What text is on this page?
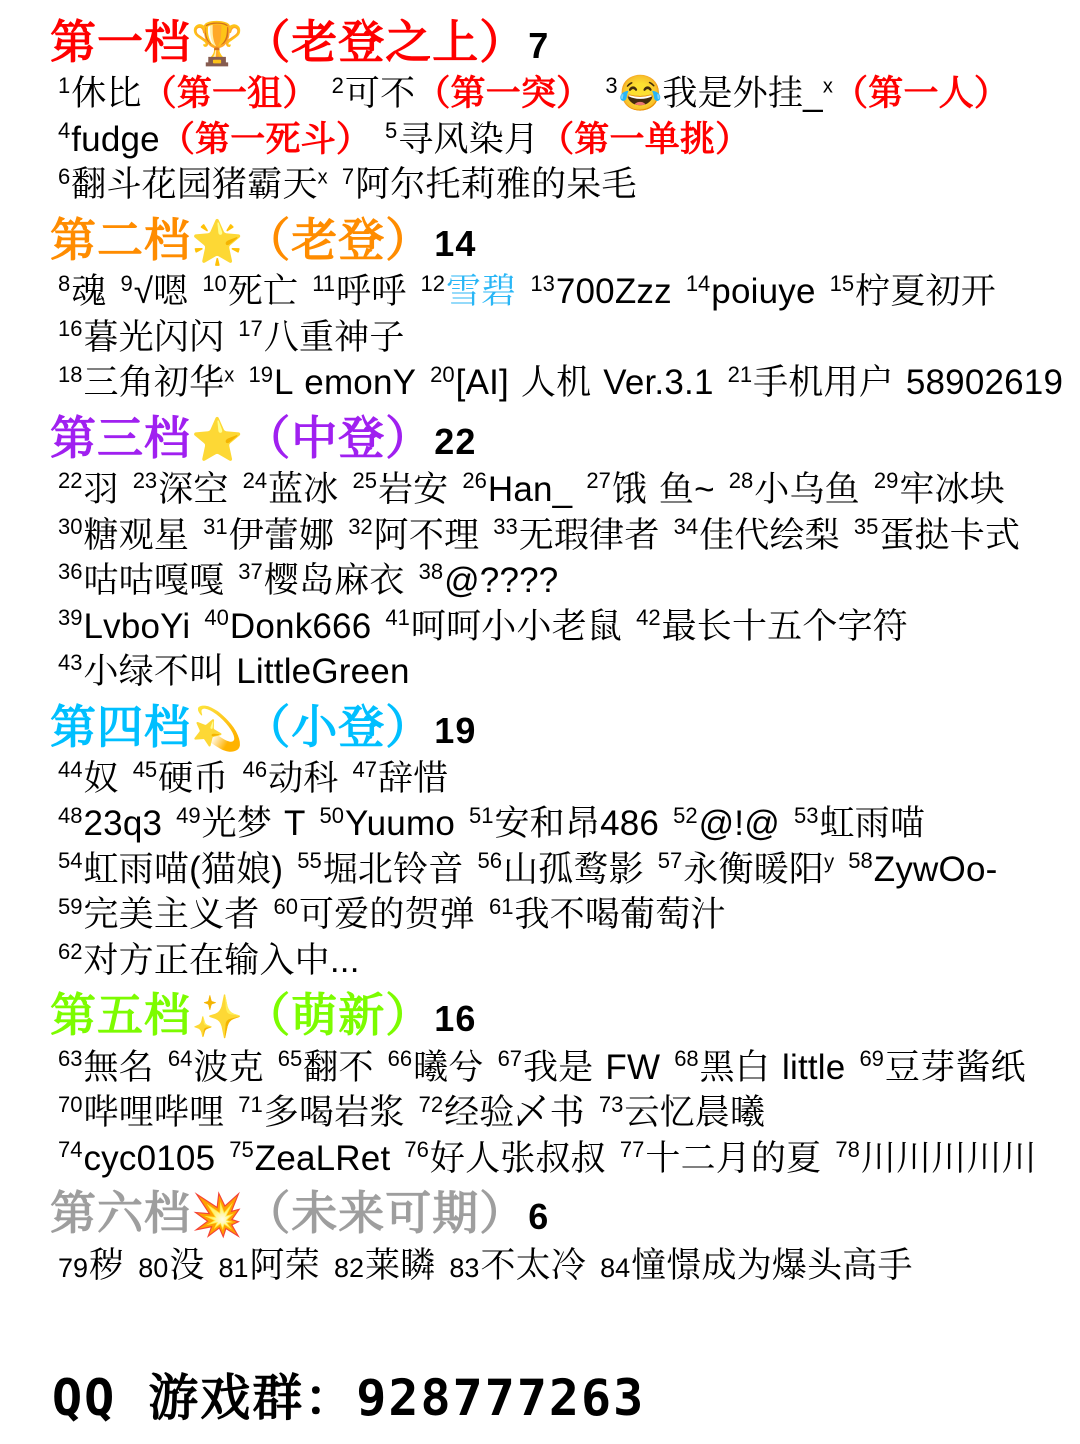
第一档🏆（老登之上）7
$^1$休比（第一狙） $^2$可不（第一突） $^3$😂我是外挂_$^x$（第一人）$^4$fudge（第一死斗） $^5$寻风染月（第一单挑）$^6$翻斗花园猪霸天$^x$ $^7$阿尔托莉雅的呆毛
第二档🌟（老登）14
$^8$魂 $^9$√嗯 $^{10}$死亡 $^{11}$呼呼 $^{12}$雪碧 $^{13}$700Zzz $^{14}$poiuye $^{15}$柠夏初开$^{16}$暮光闪闪 $^{17}$八重神子$^{18}$三角初华$^x$ $^{19}$L emonY $^{20}$[AI] 人机 Ver.3.1 $^{21}$手机用户 58902619
第三档⭐（中登）22
$^{22}$羽 $^{23}$深空 $^{24}$蓝冰 $^{25}$岩安 $^{26}$Han_ $^{27}$饿 鱼~ $^{28}$小乌鱼 $^{29}$牢冰块$^{30}$糖观星 $^{31}$伊蕾娜 $^{32}$阿不理 $^{33}$无瑕律者 $^{34}$佳代绘梨 $^{35}$蛋挞卡式$^{36}$咕咕嘎嘎 $^{37}$樱岛麻衣 $^{38}$@????$^{39}$LvboYi $^{40}$Donk666 $^{41}$呵呵小小老鼠 $^{42}$最长十五个字符$^{43}$小绿不叫 LittleGreen
第四档💫（小登）19
$^{44}$奴 $^{45}$硬币 $^{46}$动科 $^{47}$辞惜$^{48}$23q3 $^{49}$光梦 T $^{50}$Yuumo $^{51}$安和昂486 $^{52}$@!@ $^{53}$虹雨喵$^{54}$虹雨喵(猫娘) $^{55}$堀北铃音 $^{56}$山孤鹜影 $^{57}$永衡暖阳$^y$ $^{58}$ZywOo-$^{59}$完美主义者 $^{60}$可爱的贺弹 $^{61}$我不喝葡萄汁$^{62}$对方正在输入中...
第五档✨（萌新）16
$^{63}$無名 $^{64}$波克 $^{65}$翻不 $^{66}$曦兮 $^{67}$我是 FW $^{68}$黑白 little $^{69}$豆芽酱纸$^{70}$哔哩哔哩 $^{71}$多喝岩浆 $^{72}$经验乄书 $^{73}$云忆晨曦$^{74}$cyc0105 $^{75}$ZeaLRet $^{76}$好人张叔叔 $^{77}$十二月的夏 $^{78}$川川川川川
第六档💥（未来可期）6
79秽 80没 81阿荣 82莱瞵 83不太冷 84憧憬成为爆头高手
QQ 游戏群：928777263
